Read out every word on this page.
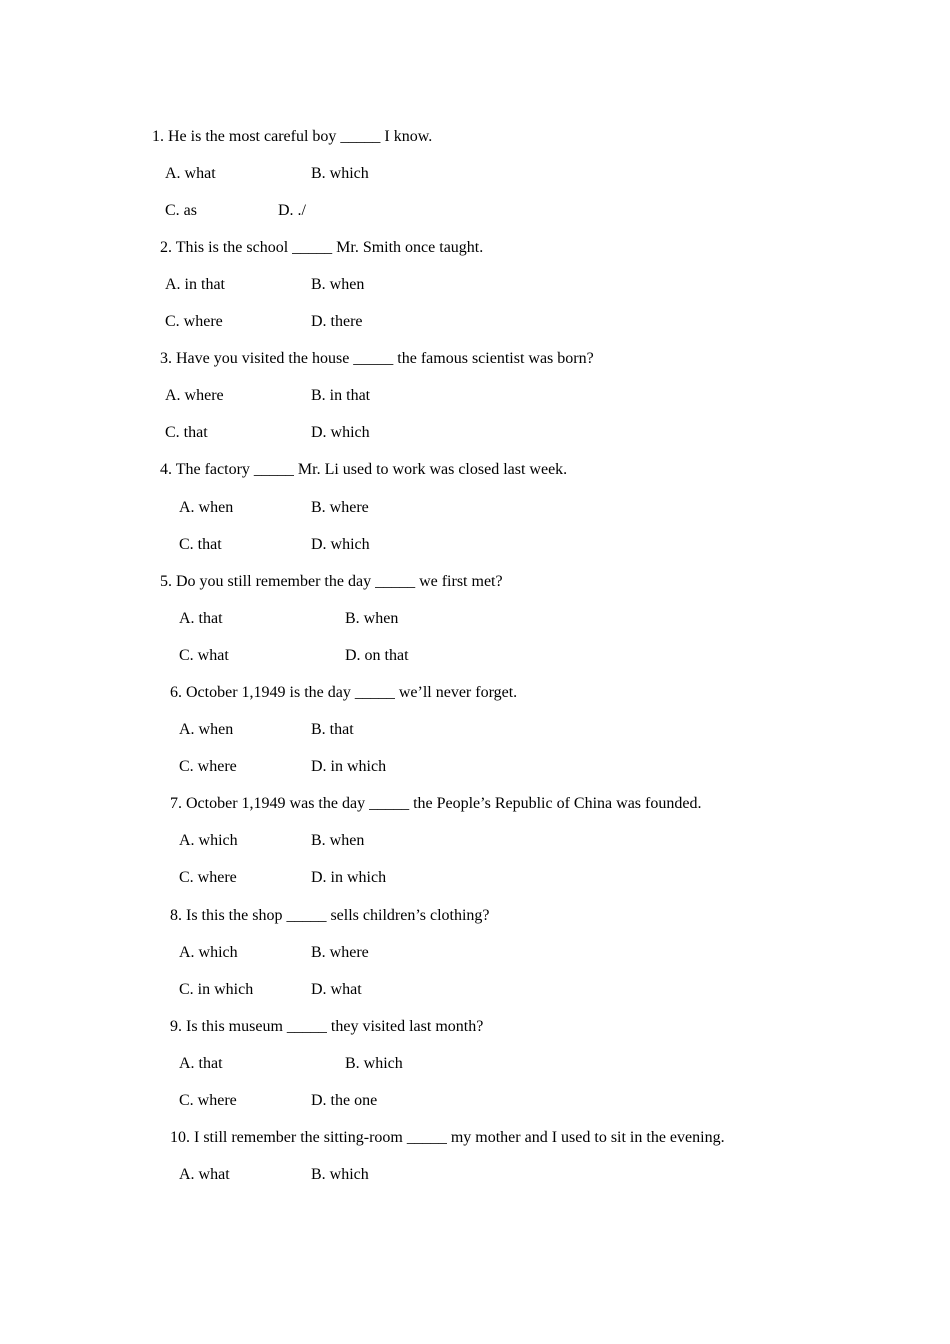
1. He is the most careful boy _____ I know.
A. what	B. which
C. as	D. ./
2. This is the school _____ Mr. Smith once taught.
A. in that	B. when
C. where	D. there
3. Have you visited the house _____ the famous scientist was born?
A. where	B. in that
C. that	D. which
4. The factory _____ Mr. Li used to work was closed last week.
A. when	B. where
C. that	D. which
5. Do you still remember the day _____ we first met?
A. that	B. when
C. what	D. on that
6. October 1,1949 is the day _____ we’ll never forget.
A. when	B. that
C. where	D. in which
7. October 1,1949 was the day _____ the People’s Republic of China was founded.
A. which	B. when
C. where	D. in which
8. Is this the shop _____ sells children’s clothing?
A. which	B. where
C. in which	D. what
9. Is this museum _____ they visited last month?
A. that	B. which
C. where	D. the one
10. I still remember the sitting-room _____ my mother and I used to sit in the evening.
A. what	B. which
